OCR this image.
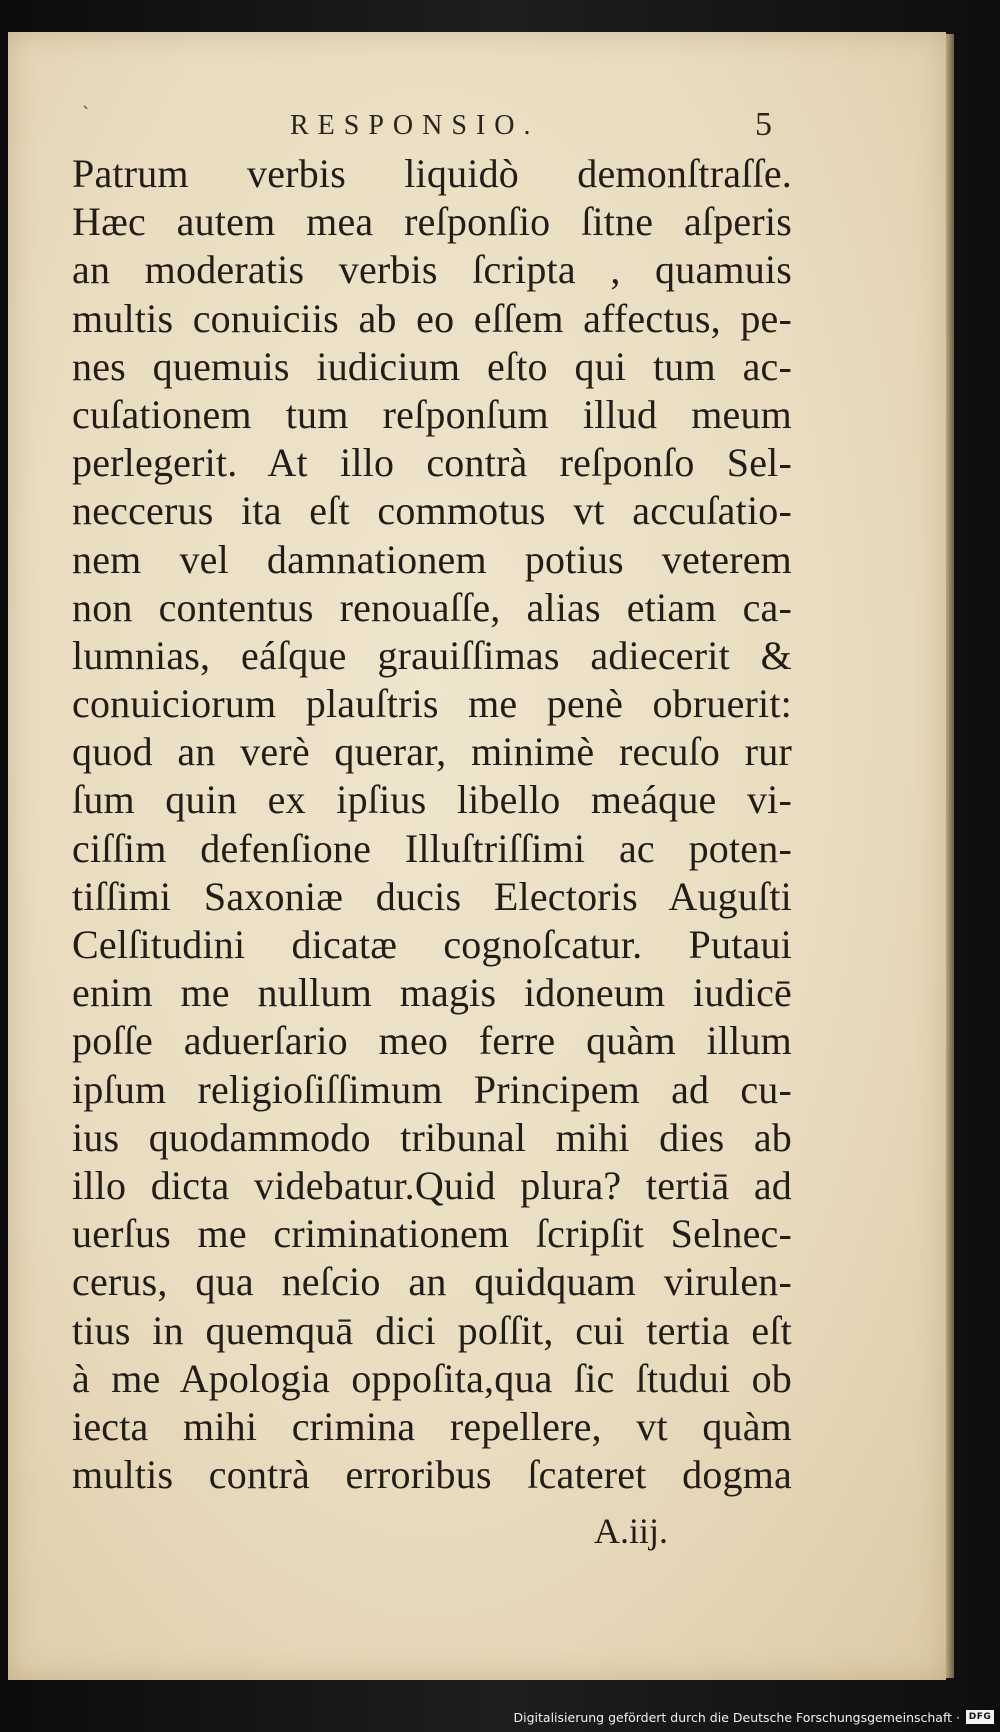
`	RESPONSIO.	5
Patrum verbis liquidò demonſtraſſe.
Hæc autem mea reſponſio ſitne aſperis
an moderatis verbis ſcripta , quamuis
multis conuiciis ab eo eſſem affectus, pe-
nes quemuis iudicium eſto qui tum ac-
cuſationem tum reſponſum illud meum
perlegerit. At illo contrà reſponſo Sel-
neccerus ita eſt commotus vt accuſatio-
nem vel damnationem potius veterem
non contentus renouaſſe, alias etiam ca-
lumnias, eáſque grauiſſimas adiecerit &
conuiciorum plauſtris me penè obruerit:
quod an verè querar, minimè recuſo rur
ſum quin ex ipſius libello meáque vi-
ciſſim defenſione Illuſtriſſimi ac poten-
tiſſimi Saxoniæ ducis Electoris Auguſti
Celſitudini dicatæ cognoſcatur. Putaui
enim me nullum magis idoneum iudicē
poſſe aduerſario meo ferre quàm illum
ipſum religioſiſſimum Principem ad cu-
ius quodammodo tribunal mihi dies ab
illo dicta videbatur.Quid plura? tertiā ad
uerſus me criminationem ſcripſit Selnec-
cerus, qua neſcio an quidquam virulen-
tius in quemquā dici poſſit, cui tertia eſt
à me Apologia oppoſita,qua ſic ſtudui ob
iecta mihi crimina repellere, vt quàm
multis contrà erroribus ſcateret dogma
A.iij.
Digitalisierung gefördert durch die Deutsche Forschungsgemeinschaft · DFG
